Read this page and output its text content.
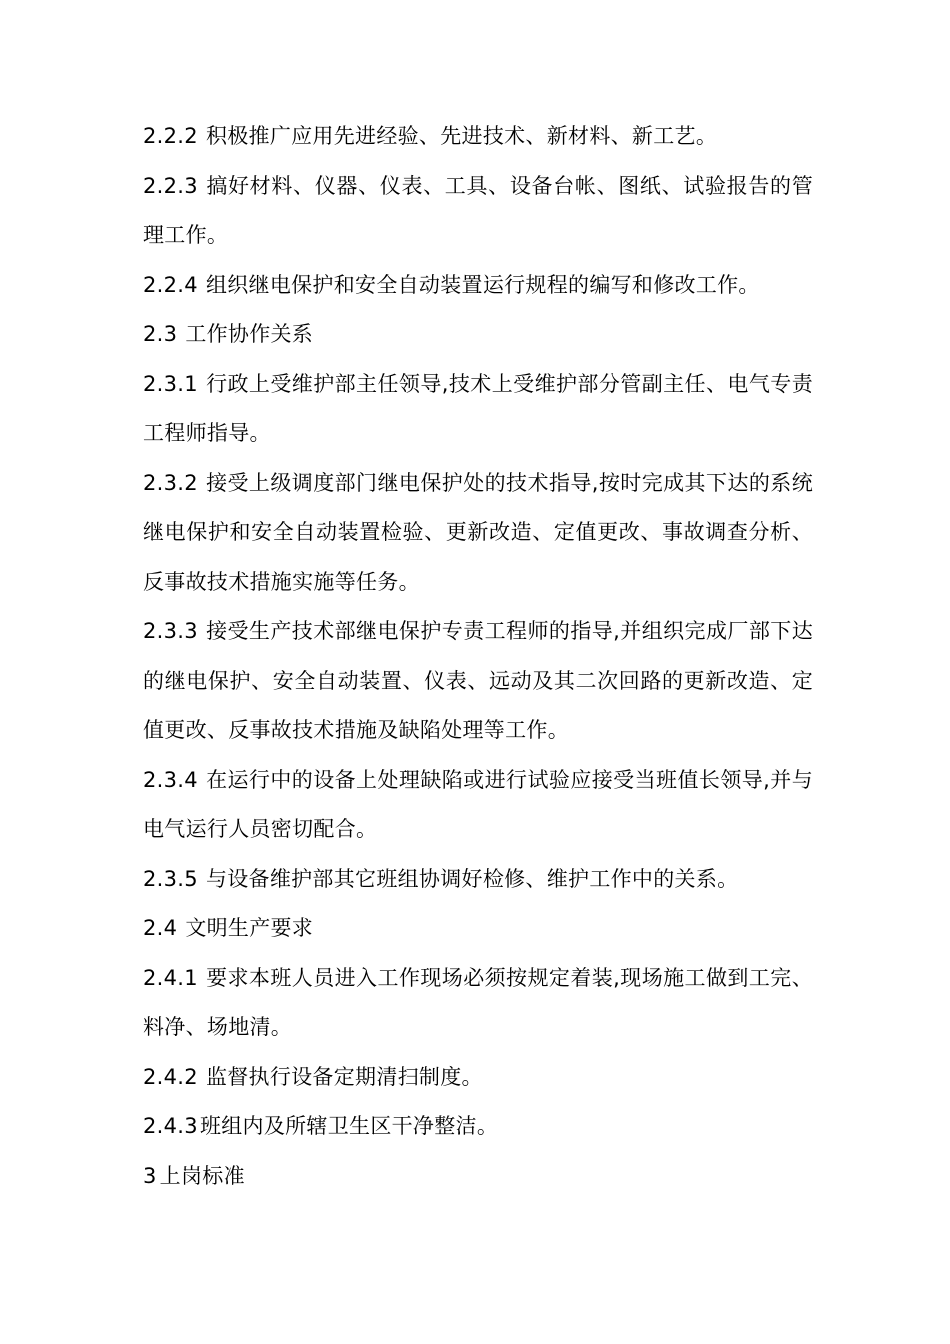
2.2.2 积极推广应用先进经验、先进技术、新材料、新工艺。

2.2.3 搞好材料、仪器、仪表、工具、设备台帐、图纸、试验报告的管理工作。

2.2.4 组织继电保护和安全自动装置运行规程的编写和修改工作。

2.3 工作协作关系

2.3.1 行政上受维护部主任领导,技术上受维护部分管副主任、电气专责工程师指导。

2.3.2 接受上级调度部门继电保护处的技术指导,按时完成其下达的系统继电保护和安全自动装置检验、更新改造、定值更改、事故调查分析、反事故技术措施实施等任务。

2.3.3 接受生产技术部继电保护专责工程师的指导,并组织完成厂部下达的继电保护、安全自动装置、仪表、远动及其二次回路的更新改造、定值更改、反事故技术措施及缺陷处理等工作。

2.3.4 在运行中的设备上处理缺陷或进行试验应接受当班值长领导,并与电气运行人员密切配合。

2.3.5 与设备维护部其它班组协调好检修、维护工作中的关系。

2.4 文明生产要求

2.4.1 要求本班人员进入工作现场必须按规定着装,现场施工做到工完、料净、场地清。

2.4.2 监督执行设备定期清扫制度。

2.4.3班组内及所辖卫生区干净整洁。

3 上岗标准
